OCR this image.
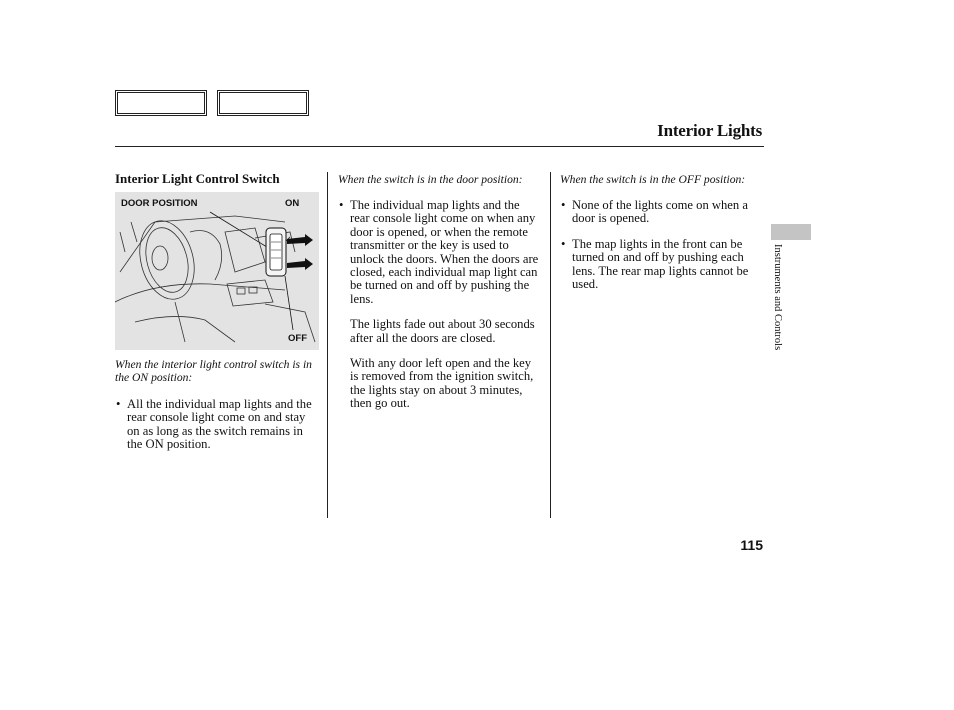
Interior Lights
Interior Light Control Switch
DOOR POSITION	ON
OFF
When the interior light control switch is in the ON position:

• All the individual map lights and the rear console light come on and stay on as long as the switch remains in the ON position.

When the switch is in the door position:

• The individual map lights and the rear console light come on when any door is opened, or when the remote transmitter or the key is used to unlock the doors. When the doors are closed, each individual map light can be turned on and off by pushing the lens.

The lights fade out about 30 seconds after all the doors are closed.

With any door left open and the key is removed from the ignition switch, the lights stay on about 3 minutes, then go out.

When the switch is in the OFF position:

• None of the lights come on when a door is opened.

• The map lights in the front can be turned on and off by pushing each lens. The rear map lights cannot be used.	Instruments and Controls
115
